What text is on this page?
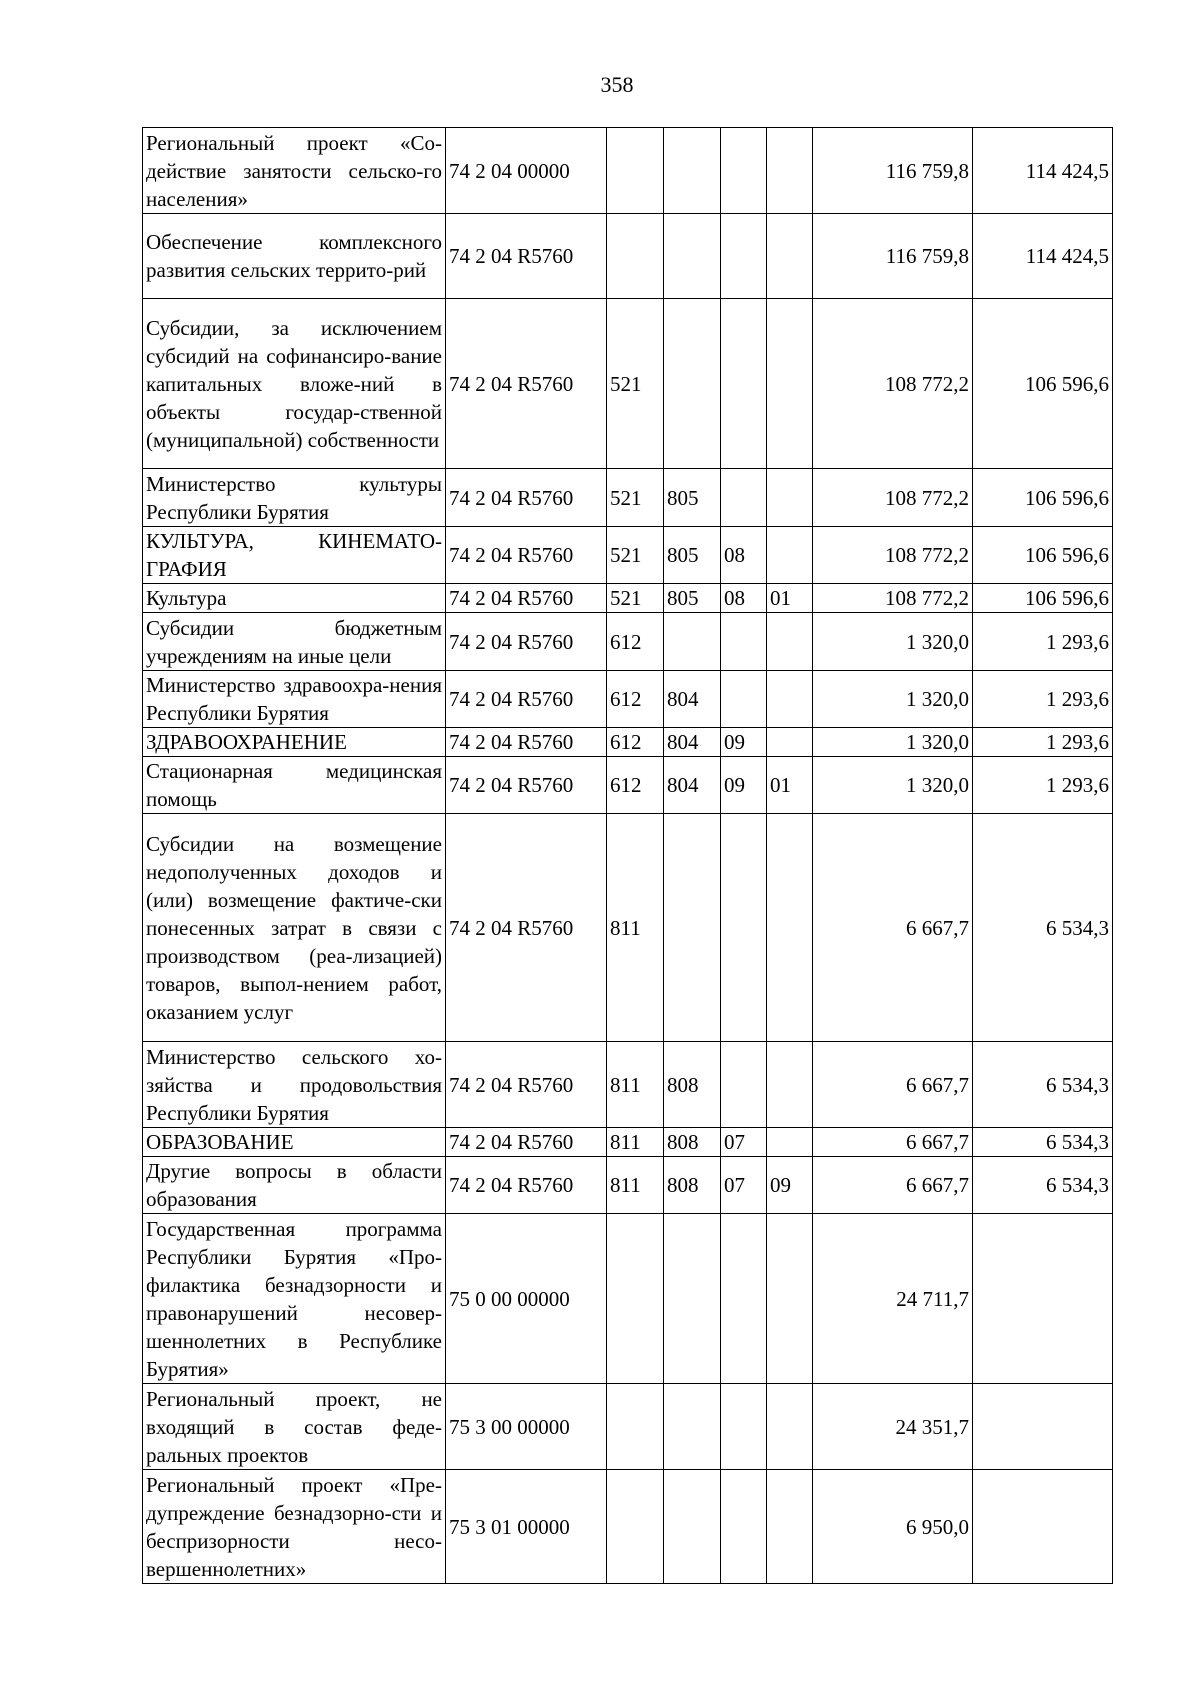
358
Региональный проект «Со-действие занятости сельско-го населения»	74 2 04 00000					116 759,8	114 424,5
Обеспечение комплексного развития сельских террито-рий	74 2 04 R5760					116 759,8	114 424,5
Субсидии, за исключением субсидий на софинансиро-вание капитальных вложе-ний в объекты государ-ственной (муниципальной) собственности	74 2 04 R5760	521				108 772,2	106 596,6
Министерство культуры Республики Бурятия	74 2 04 R5760	521	805			108 772,2	106 596,6
КУЛЬТУРА, КИНЕМАТО-ГРАФИЯ	74 2 04 R5760	521	805	08		108 772,2	106 596,6
Культура	74 2 04 R5760	521	805	08	01	108 772,2	106 596,6
Субсидии бюджетным учреждениям на иные цели	74 2 04 R5760	612				1 320,0	1 293,6
Министерство здравоохра-нения Республики Бурятия	74 2 04 R5760	612	804			1 320,0	1 293,6
ЗДРАВООХРАНЕНИЕ	74 2 04 R5760	612	804	09		1 320,0	1 293,6
Стационарная медицинская помощь	74 2 04 R5760	612	804	09	01	1 320,0	1 293,6
Субсидии на возмещение недополученных доходов и (или) возмещение фактиче-ски понесенных затрат в связи с производством (реа-лизацией) товаров, выпол-нением работ, оказанием услуг	74 2 04 R5760	811				6 667,7	6 534,3
Министерство сельского хо-зяйства и продовольствия Республики Бурятия	74 2 04 R5760	811	808			6 667,7	6 534,3
ОБРАЗОВАНИЕ	74 2 04 R5760	811	808	07		6 667,7	6 534,3
Другие вопросы в области образования	74 2 04 R5760	811	808	07	09	6 667,7	6 534,3
Государственная программа Республики Бурятия «Про-филактика безнадзорности и правонарушений несовер-шеннолетних в Республике Бурятия»	75 0 00 00000					24 711,7	
Региональный проект, не входящий в состав феде-ральных проектов	75 3 00 00000					24 351,7	
Региональный проект «Пре-дупреждение безнадзорно-сти и беспризорности несо-вершеннолетних»	75 3 01 00000					6 950,0	
